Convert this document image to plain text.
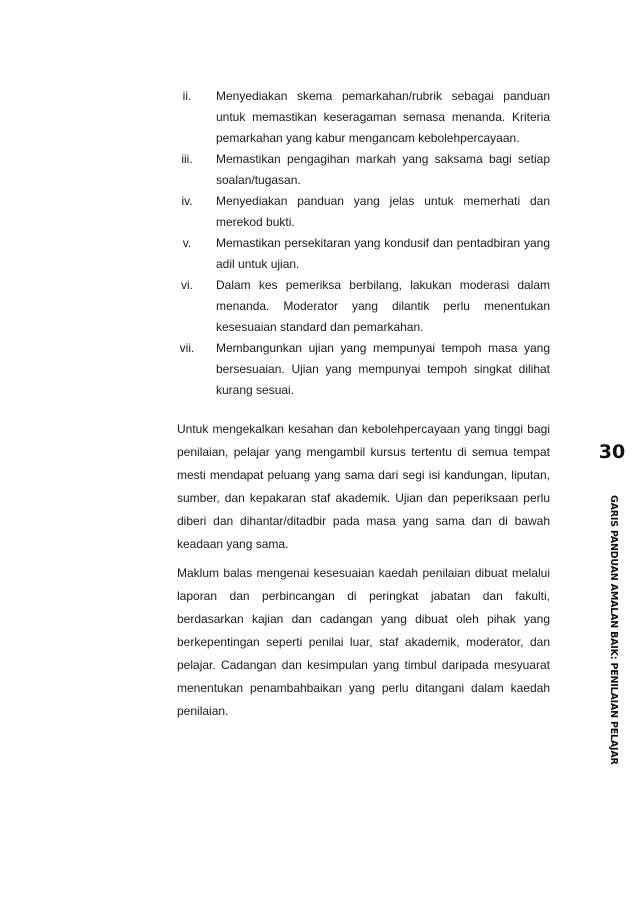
ii.	Menyediakan skema pemarkahan/rubrik sebagai panduan untuk memastikan keseragaman semasa menanda. Kriteria pemarkahan yang kabur mengancam kebolehpercayaan.
iii.	Memastikan pengagihan markah yang saksama bagi setiap soalan/tugasan.
iv.	Menyediakan panduan yang jelas untuk memerhati dan merekod bukti.
v.	Memastikan persekitaran yang kondusif dan pentadbiran yang adil untuk ujian.
vi.	Dalam kes pemeriksa berbilang, lakukan moderasi dalam menanda. Moderator yang dilantik perlu menentukan kesesuaian standard dan pemarkahan.
vii.	Membangunkan ujian yang mempunyai tempoh masa yang bersesuaian. Ujian yang mempunyai tempoh singkat dilihat kurang sesuai.

Untuk mengekalkan kesahan dan kebolehpercayaan yang tinggi bagi penilaian, pelajar yang mengambil kursus tertentu di semua tempat mesti mendapat peluang yang sama dari segi isi kandungan, liputan, sumber, dan kepakaran staf akademik. Ujian dan peperiksaan perlu diberi dan dihantar/ditadbir pada masa yang sama dan di bawah keadaan yang sama.

Maklum balas mengenai kesesuaian kaedah penilaian dibuat melalui laporan dan perbincangan di peringkat jabatan dan fakulti, berdasarkan kajian dan cadangan yang dibuat oleh pihak yang berkepentingan seperti penilai luar, staf akademik, moderator, dan pelajar. Cadangan dan kesimpulan yang timbul daripada mesyuarat menentukan penambahbaikan yang perlu ditangani dalam kaedah penilaian.

30
GARIS PANDUAN AMALAN BAIK: PENILAIAN PELAJAR
